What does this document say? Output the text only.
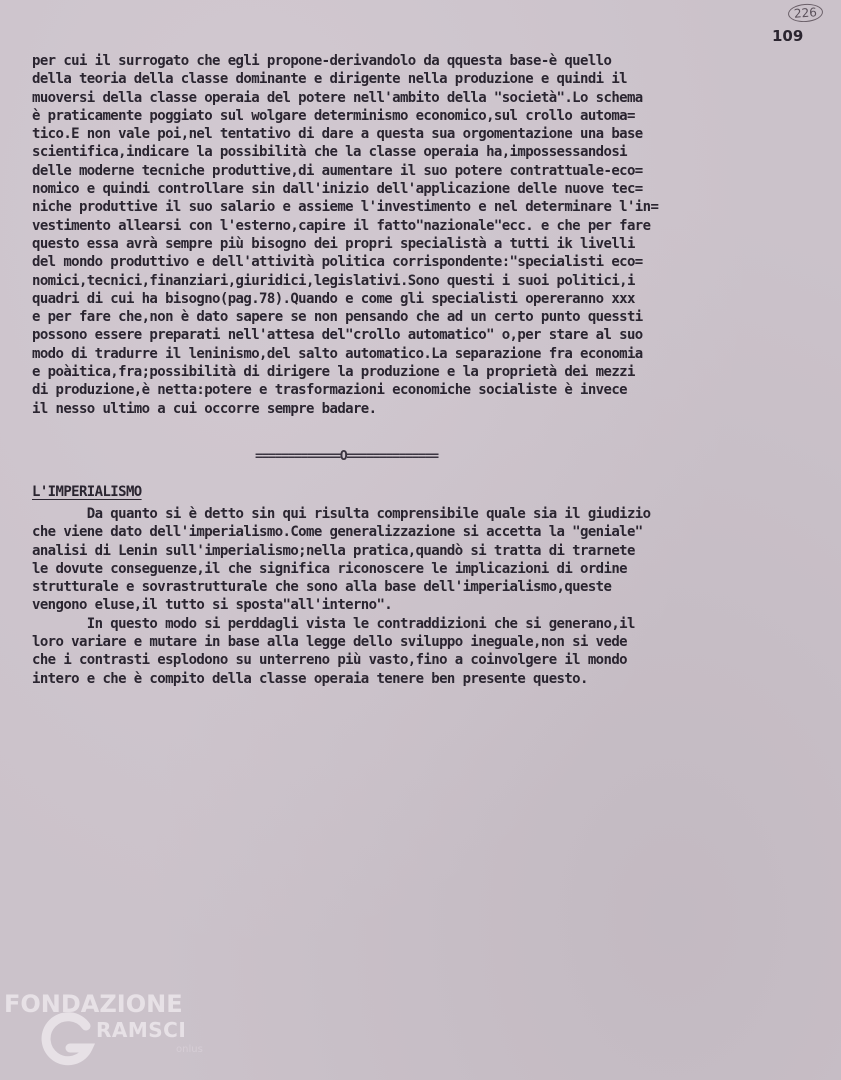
226
109
per cui il surrogato che egli propone-derivandolo da qquesta base-è quello
della teoria della classe dominante e dirigente nella produzione e quindi il
muoversi della classe operaia del potere nell'ambito della "società".Lo schema
è praticamente poggiato sul wolgare determinismo economico,sul crollo automa=
tico.E non vale poi,nel tentativo di dare a questa sua orgomentazione una base
scientifica,indicare la possibilità che la classe operaia ha,impossessandosi
delle moderne tecniche produttive,di aumentare il suo potere contrattuale-eco=
nomico e quindi controllare sin dall'inizio dell'applicazione delle nuove tec=
niche produttive il suo salario e assieme l'investimento e nel determinare l'in=
vestimento allearsi con l'esterno,capire il fatto"nazionale"ecc. e che per fare
questo essa avrà sempre più bisogno dei propri specialistà a tutti ik livelli
del mondo produttivo e dell'attività politica corrispondente:"specialisti eco=
nomici,tecnici,finanziari,giuridici,legislativi.Sono questi i suoi politici,i
quadri di cui ha bisogno(pag.78).Quando e come gli specialisti opereranno xxx
e per fare che,non è dato sapere se non pensando che ad un certo punto quessti
possono essere preparati nell'attesa del"crollo automatico" o,per stare al suo
modo di tradurre il leninismo,del salto automatico.La separazione fra economia
e poàitica,fra;possibilità di dirigere la produzione e la proprietà dei mezzi
di produzione,è netta:potere e trasformazioni economiche socialiste è invece
il nesso ultimo a cui occorre sempre badare.
=============O==============
L'IMPERIALISMO
Da quanto si è detto sin qui risulta comprensibile quale sia il giudizio
che viene dato dell'imperialismo.Come generalizzazione si accetta la "geniale"
analisi di Lenin sull'imperialismo;nella pratica,quandò si tratta di trarnete
le dovute conseguenze,il che significa riconoscere le implicazioni di ordine
strutturale e sovrastrutturale che sono alla base dell'imperialismo,queste
vengono eluse,il tutto si sposta"all'interno".
In questo modo si perddagli vista le contraddizioni che si generano,il
loro variare e mutare in base alla legge dello sviluppo ineguale,non si vede
che i contrasti esplodono su unterreno più vasto,fino a coinvolgere il mondo
intero e che è compito della classe operaia tenere ben presente questo.
FONDAZIONE
RAMSCI
onlus
